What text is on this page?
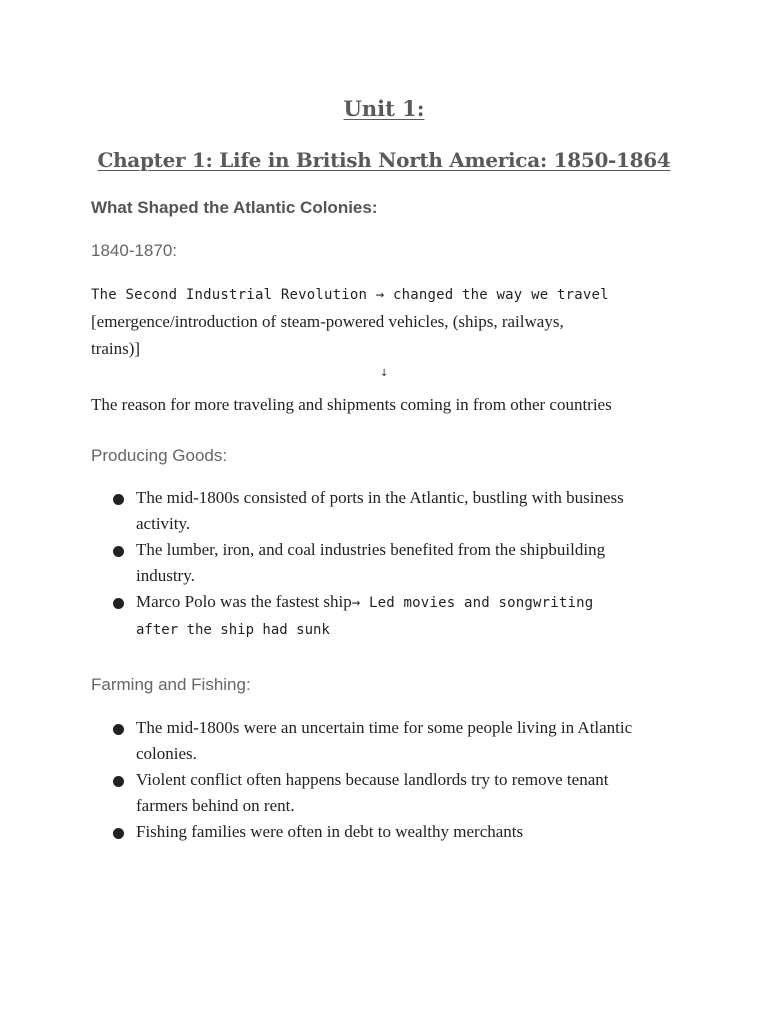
Unit 1:
Chapter 1: Life in British North America: 1850-1864
What Shaped the Atlantic Colonies:
1840-1870:
The Second Industrial Revolution → changed the way we travel
[emergence/introduction of steam-powered vehicles, (ships, railways,
trains)]
↓
The reason for more traveling and shipments coming in from other countries
Producing Goods:
The mid-1800s consisted of ports in the Atlantic, bustling with business
activity.
The lumber, iron, and coal industries benefited from the shipbuilding
industry.
Marco Polo was the fastest ship→ Led movies and songwriting
after the ship had sunk
Farming and Fishing:
The mid-1800s were an uncertain time for some people living in Atlantic
colonies.
Violent conflict often happens because landlords try to remove tenant
farmers behind on rent.
Fishing families were often in debt to wealthy merchants
